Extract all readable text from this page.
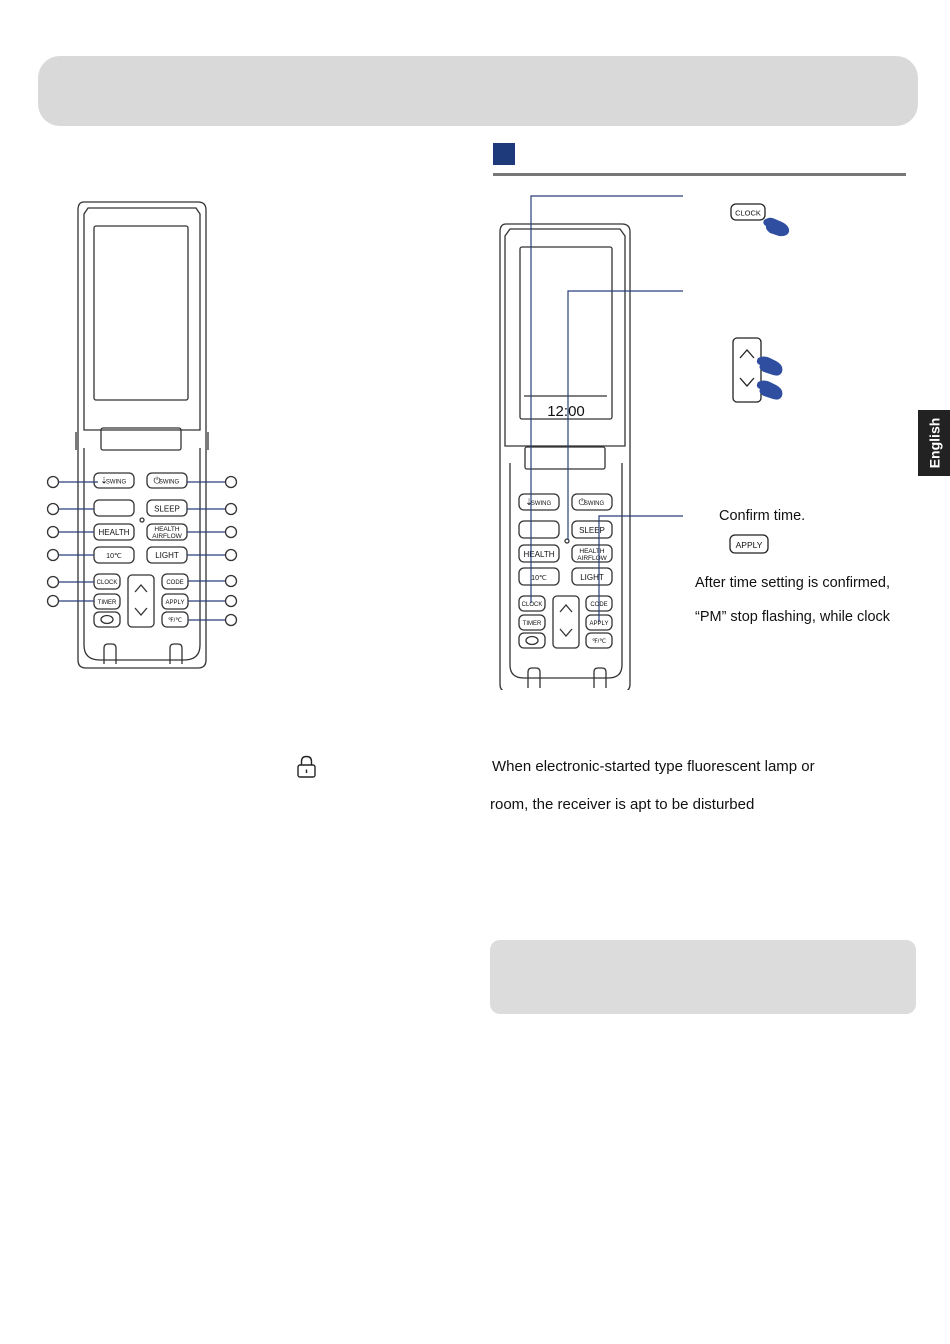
English
SWING	SWING
⇣	⏻
SLEEP
HEALTH	HEALTH
AIRFLOW
10℃	LIGHT
CLOCK	CODE
TIMER	APPLY
℉/℃
12:00
SWING	SWING
⇣	⏻
SLEEP
HEALTH	HEALTH
AIRFLOW
10℃	LIGHT
CLOCK	CODE
TIMER	APPLY
℉/℃
CLOCK
Confirm time.
APPLY
After time setting is confirmed,
“PM” stop flashing, while clock
When electronic-started type fluorescent lamp or
room, the receiver is apt to be disturbed
